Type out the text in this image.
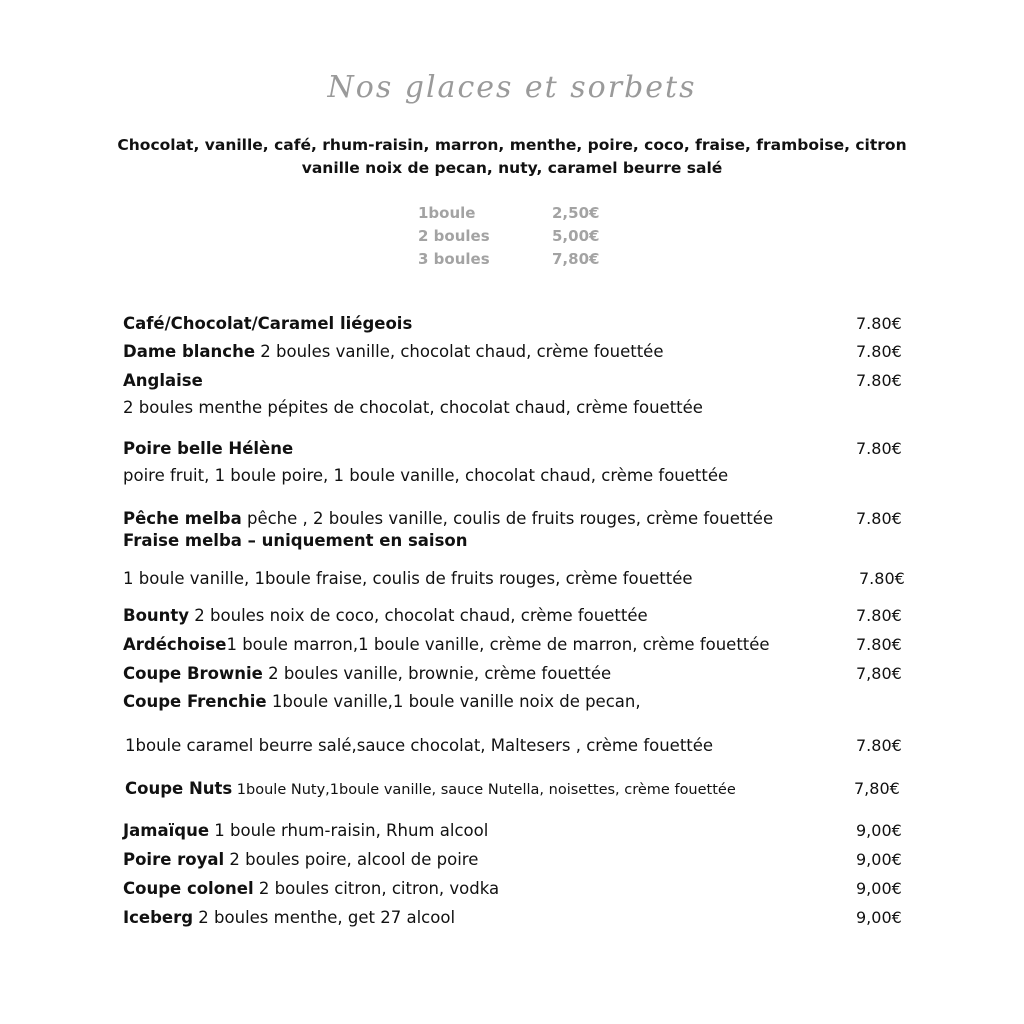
Nos glaces et sorbets
Chocolat, vanille, café, rhum-raisin, marron, menthe, poire, coco, fraise, framboise, citron
vanille noix de pecan, nuty, caramel beurre salé
1boule	2,50€
2 boules	5,00€
3 boules	7,80€
Café/Chocolat/Caramel liégeois	7.80€
Dame blanche 2 boules vanille, chocolat chaud, crème fouettée	7.80€
Anglaise	7.80€
2 boules menthe pépites de chocolat, chocolat chaud, crème fouettée
Poire belle Hélène	7.80€
poire fruit, 1 boule poire, 1 boule vanille, chocolat chaud, crème fouettée
Pêche melba pêche , 2 boules vanille, coulis de fruits rouges, crème fouettée	7.80€
Fraise melba – uniquement en saison
1 boule vanille, 1boule fraise, coulis de fruits rouges, crème fouettée	7.80€
Bounty 2 boules noix de coco, chocolat chaud, crème fouettée	7.80€
Ardéchoise1 boule marron,1 boule vanille, crème de marron, crème fouettée	7.80€
Coupe Brownie 2 boules vanille, brownie, crème fouettée	7,80€
Coupe Frenchie 1boule vanille,1 boule vanille noix de pecan,
1boule caramel beurre salé,sauce chocolat, Maltesers , crème fouettée	7.80€
Coupe Nuts 1boule Nuty,1boule vanille, sauce Nutella, noisettes, crème fouettée	7,80€
Jamaïque 1 boule rhum-raisin, Rhum alcool	9,00€
Poire royal 2 boules poire, alcool de poire	9,00€
Coupe colonel 2 boules citron, citron, vodka	9,00€
Iceberg 2 boules menthe, get 27 alcool	9,00€
